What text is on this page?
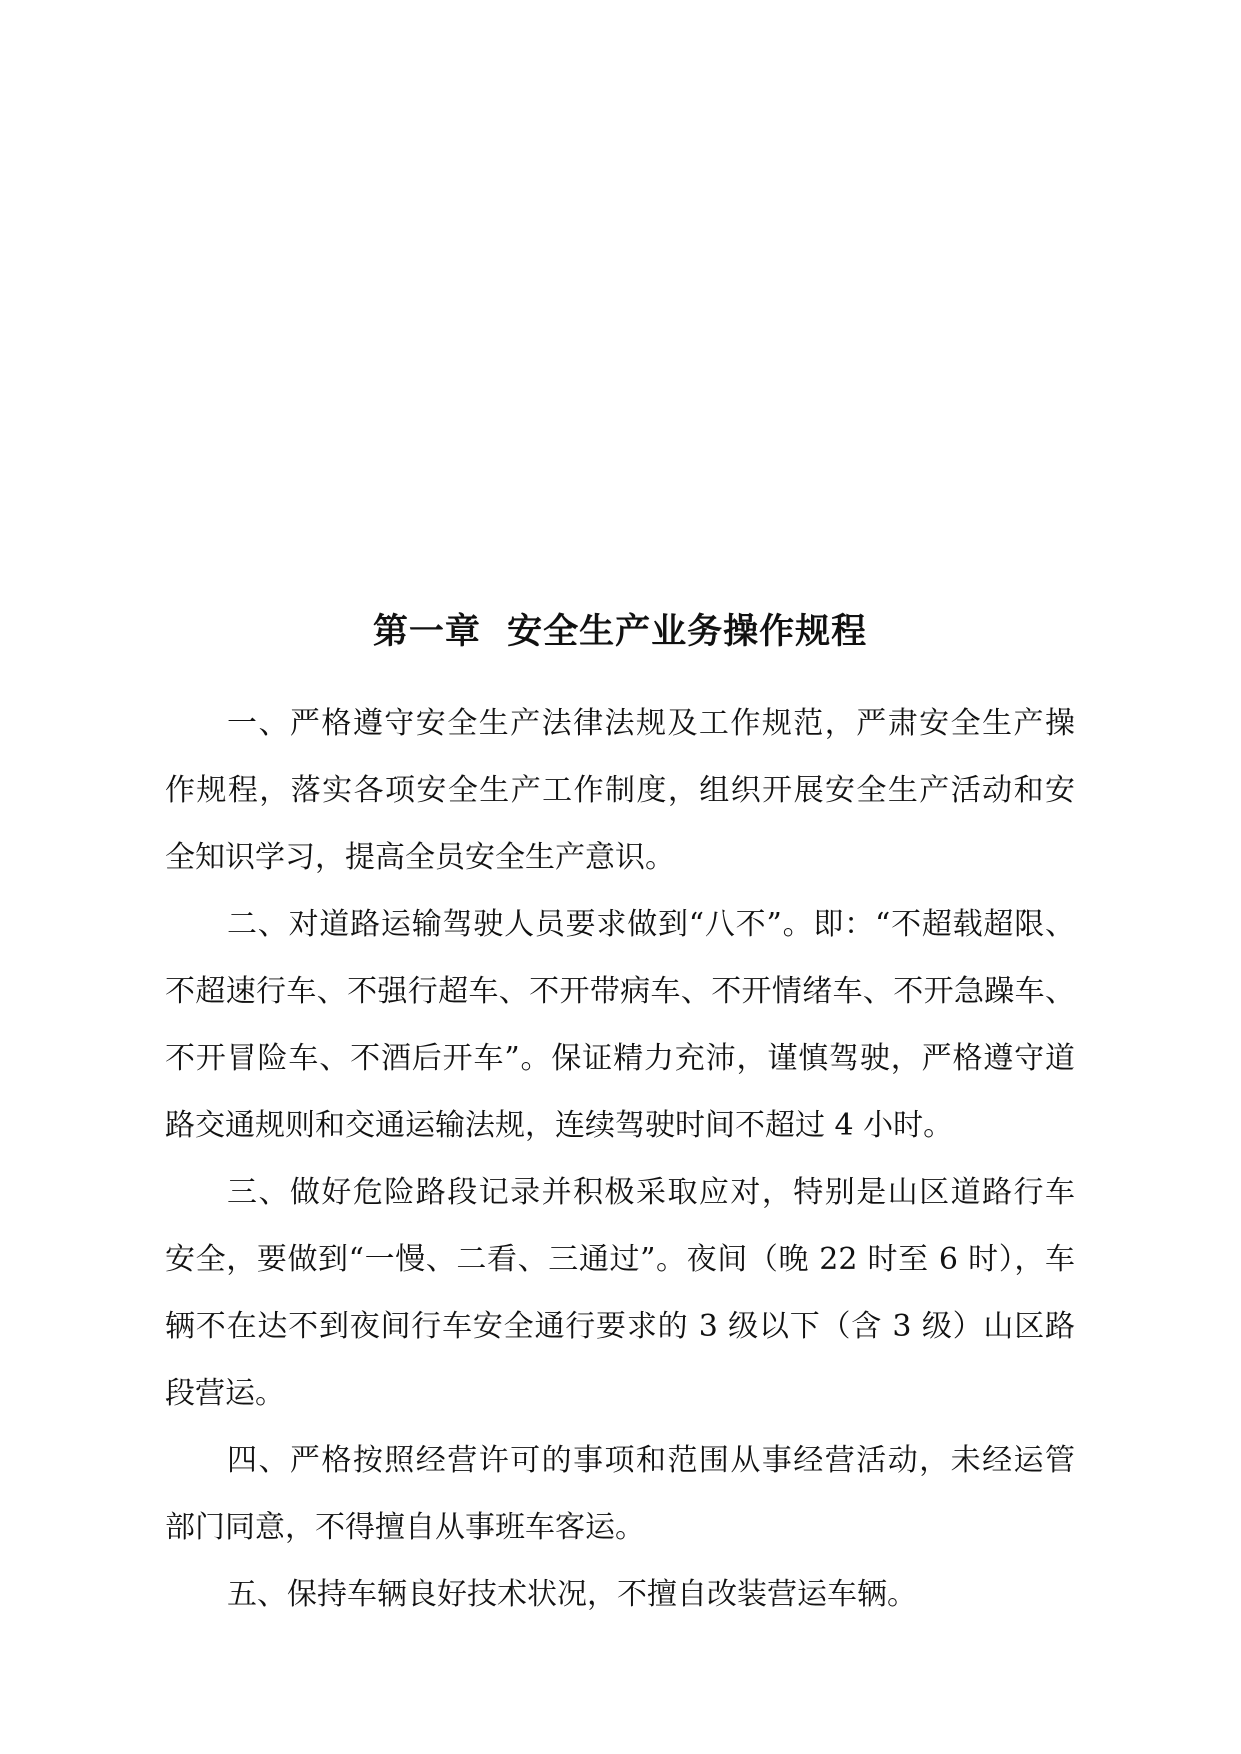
第一章  安全生产业务操作规程
一、严格遵守安全生产法律法规及工作规范，严肃安全生产操
作规程，落实各项安全生产工作制度，组织开展安全生产活动和安
全知识学习，提高全员安全生产意识。
二、对道路运输驾驶人员要求做到“八不”。即：“不超载超限、
不超速行车、不强行超车、不开带病车、不开情绪车、不开急躁车、
不开冒险车、不酒后开车”。保证精力充沛，谨慎驾驶，严格遵守道
路交通规则和交通运输法规，连续驾驶时间不超过 4 小时。
三、做好危险路段记录并积极采取应对，特别是山区道路行车
安全，要做到“一慢、二看、三通过”。夜间（晚 22 时至 6 时），车
辆不在达不到夜间行车安全通行要求的 3 级以下（含 3 级）山区路
段营运。
四、严格按照经营许可的事项和范围从事经营活动，未经运管
部门同意，不得擅自从事班车客运。
五、保持车辆良好技术状况，不擅自改装营运车辆。
